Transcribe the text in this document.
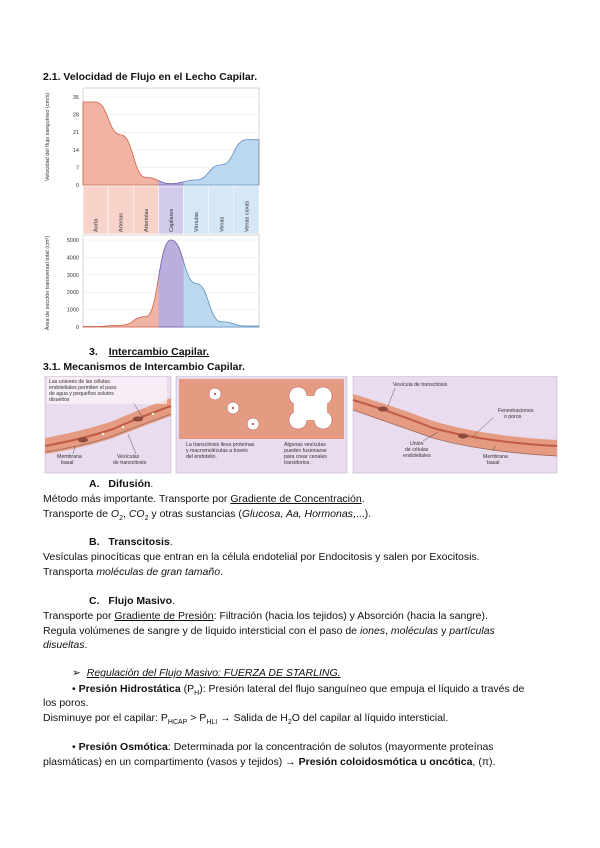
2.1. Velocidad de Flujo en el Lecho Capilar.
Aorta	Arterias	Arteriolas	Capilares	Vénulas	Venas	Venas cavas
Velocidad del flujo sanguíneo (cm/s)
Área de sección transversal total (cm²)
35
28
21
14
7
0
5000
4000
3000
2000
1000
0
3. Intercambio Capilar.
3.1. Mecanismos de Intercambio Capilar.
Las uniones de las células
endoteliales permiten el paso
de agua y pequeños solutos
disueltos
Membrana
basal
Vesículas
de transcitosis
La transcitosis lleva proteínas
y macromoléculas a través
del endotelio.
Algunas vesículas
pueden fusionarse
para crear canales
transitorios.
Vesícula de transcitosis
Fenestraciones
o poros
Unión
de células
endoteliales	Membrana
basal
A. Difusión.
Método más importante. Transporte por Gradiente de Concentración.
Transporte de $O_2$, $CO_2$ y otras sustancias (Glucosa, Aa, Hormonas,...).
B. Transcitosis.
Vesículas pinocíticas que entran en la célula endotelial por Endocitosis y salen por Exocitosis.
Transporta moléculas de gran tamaño.
C. Flujo Masivo.
Transporte por Gradiente de Presión: Filtración (hacia los tejidos) y Absorción (hacia la sangre).
Regula volúmenes de sangre y de líquido intersticial con el paso de iones, moléculas y partículas
disueltas.
➢ Regulación del Flujo Masivo: FUERZA DE STARLING.
• Presión Hidrostática $(P_H)$: Presión lateral del flujo sanguíneo que empuja el líquido a través de
los poros.
Disminuye por el capilar: $P_{HCAP} > P_{HLI}$ → Salida de $H_2O$ del capilar al líquido intersticial.
• Presión Osmótica: Determinada por la concentración de solutos (mayormente proteínas
plasmáticas) en un compartimento (vasos y tejidos) → Presión coloidosmótica u oncótica, (π).
